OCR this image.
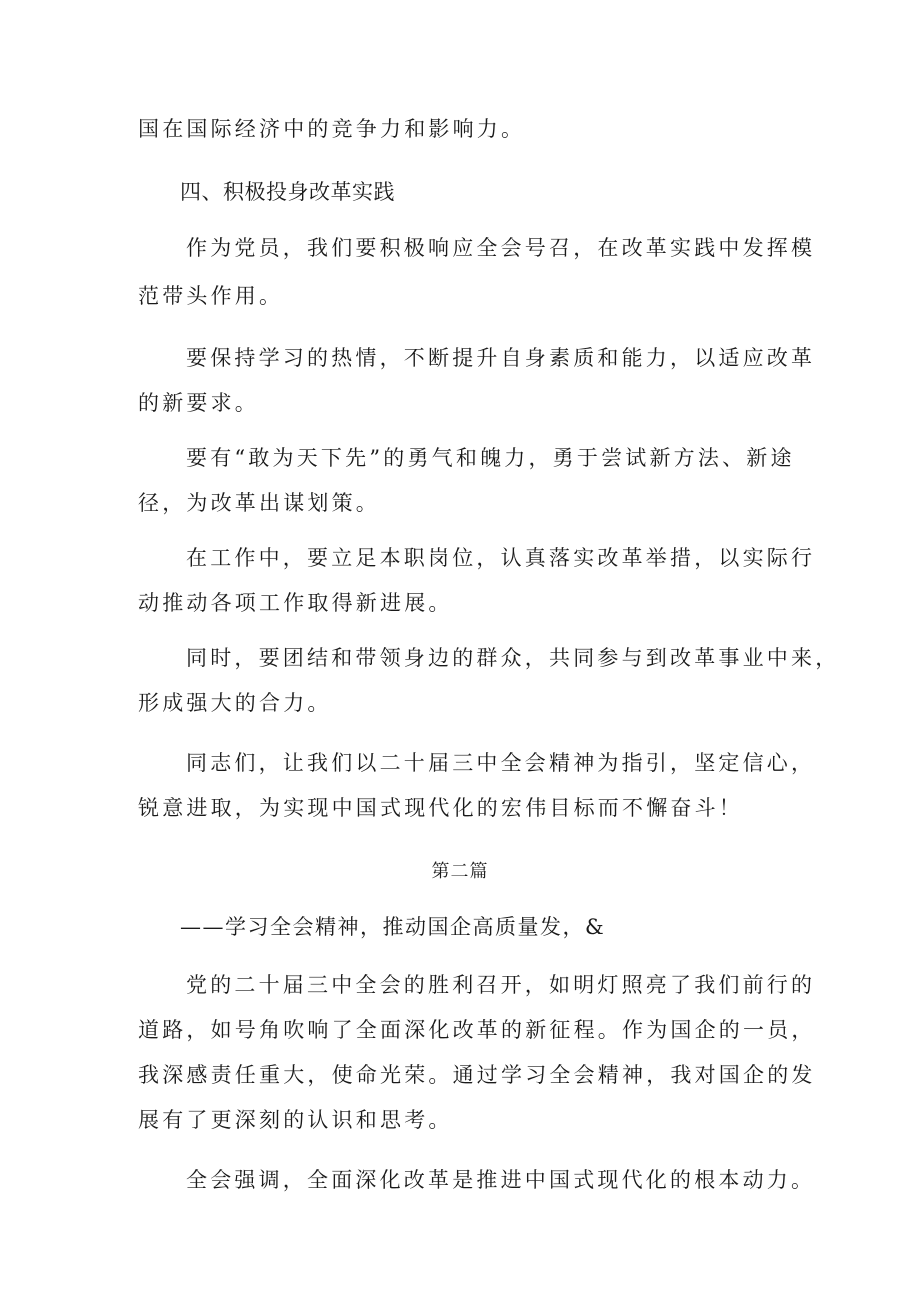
国在国际经济中的竞争力和影响力。
四、积极投身改革实践
作为党员，我们要积极响应全会号召，在改革实践中发挥模
范带头作用。
要保持学习的热情，不断提升自身素质和能力，以适应改革
的新要求。
要有“敢为天下先”的勇气和魄力，勇于尝试新方法、新途
径，为改革出谋划策。
在工作中，要立足本职岗位，认真落实改革举措，以实际行
动推动各项工作取得新进展。
同时，要团结和带领身边的群众，共同参与到改革事业中来，
形成强大的合力。
同志们，让我们以二十届三中全会精神为指引，坚定信心，
锐意进取，为实现中国式现代化的宏伟目标而不懈奋斗！
第二篇
——学习全会精神，推动国企高质量发，&
党的二十届三中全会的胜利召开，如明灯照亮了我们前行的
道路，如号角吹响了全面深化改革的新征程。作为国企的一员，
我深感责任重大，使命光荣。通过学习全会精神，我对国企的发
展有了更深刻的认识和思考。
全会强调，全面深化改革是推进中国式现代化的根本动力。
